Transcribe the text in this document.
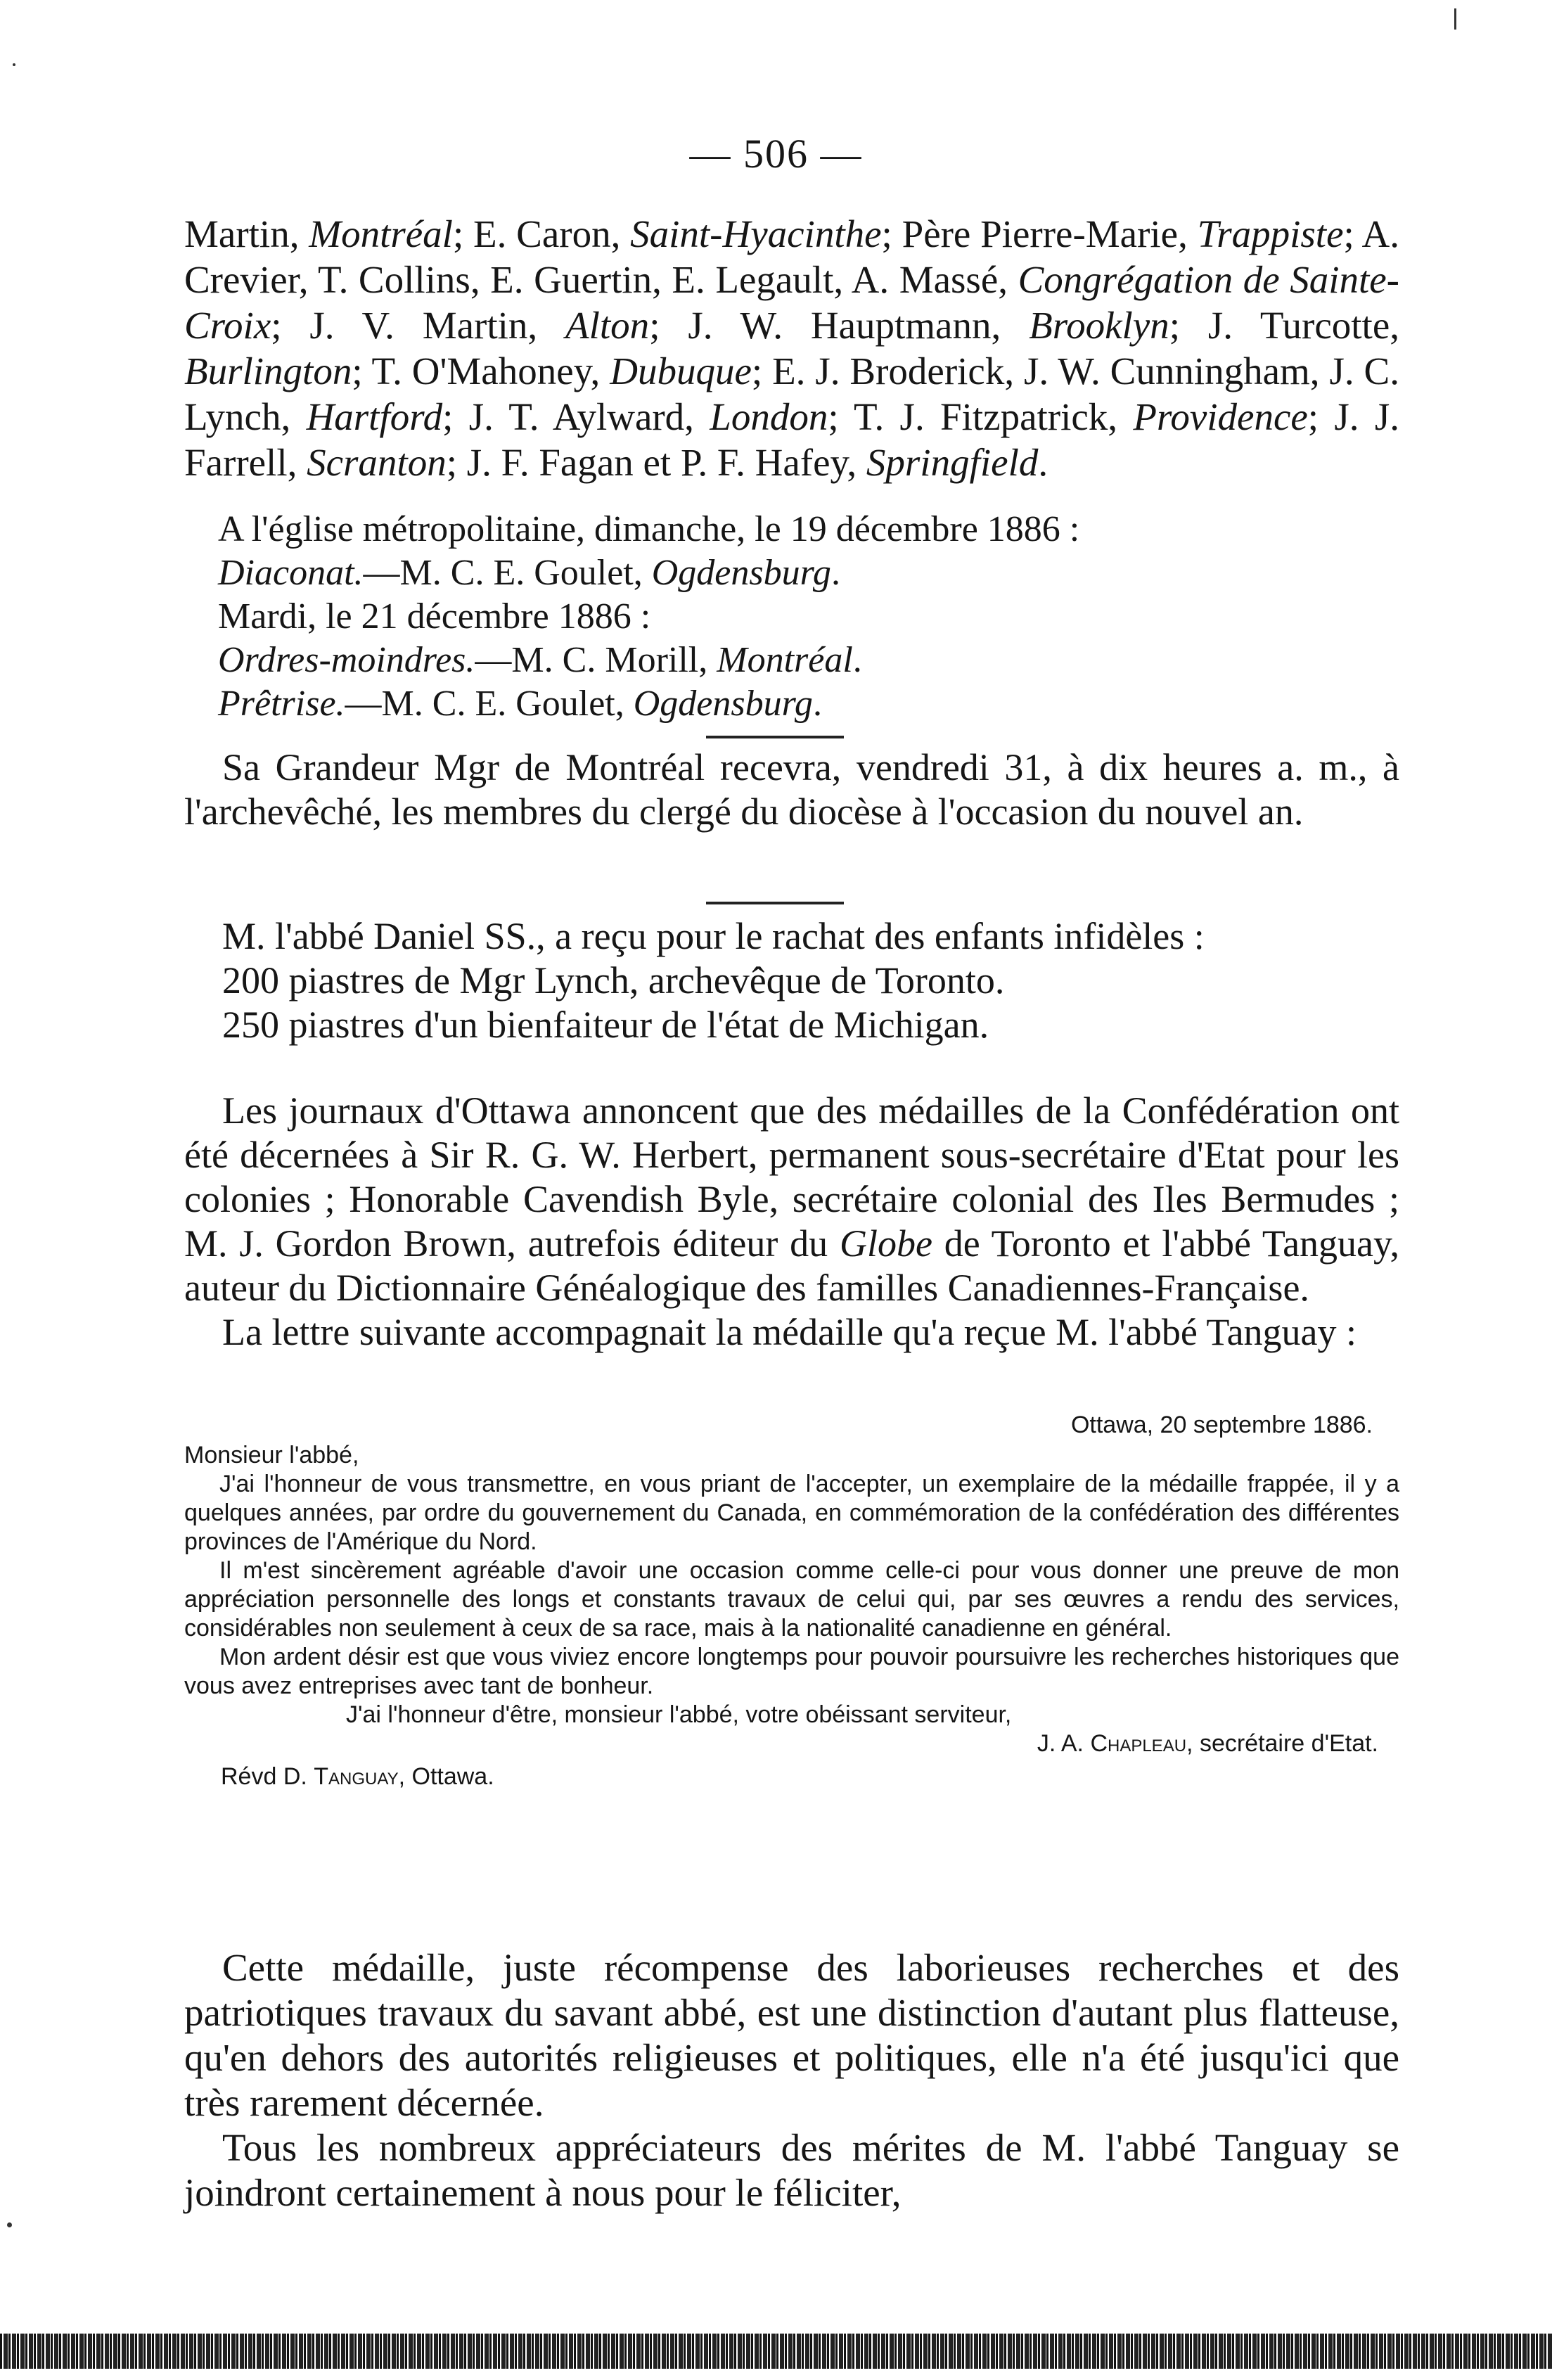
— 506 —

Martin, Montréal; E. Caron, Saint-Hyacinthe; Père Pierre-Marie, Trappiste; A. Crevier, T. Collins, E. Guertin, E. Legault, A. Massé, Congrégation de Sainte-Croix; J. V. Martin, Alton; J. W. Hauptmann, Brooklyn; J. Turcotte, Burlington; T. O'Mahoney, Dubuque; E. J. Broderick, J. W. Cunningham, J. C. Lynch, Hartford; J. T. Aylward, London; T. J. Fitzpatrick, Providence; J. J. Farrell, Scranton; J. F. Fagan et P. F. Hafey, Springfield.

A l'église métropolitaine, dimanche, le 19 décembre 1886 :

Diaconat.—M. C. E. Goulet, Ogdensburg.

Mardi, le 21 décembre 1886 :

Ordres-moindres.—M. C. Morill, Montréal.

Prêtrise.—M. C. E. Goulet, Ogdensburg.

Sa Grandeur Mgr de Montréal recevra, vendredi 31, à dix heures a. m., à l'archevêché, les membres du clergé du diocèse à l'occasion du nouvel an.

M. l'abbé Daniel SS., a reçu pour le rachat des enfants infidèles :

200 piastres de Mgr Lynch, archevêque de Toronto.

250 piastres d'un bienfaiteur de l'état de Michigan.

Les journaux d'Ottawa annoncent que des médailles de la Confédération ont été décernées à Sir R. G. W. Herbert, permanent sous-secrétaire d'Etat pour les colonies ; Honorable Cavendish Byle, secrétaire colonial des Iles Bermudes ; M. J. Gordon Brown, autrefois éditeur du Globe de Toronto et l'abbé Tanguay, auteur du Dictionnaire Généalogique des familles Canadiennes-Française.

La lettre suivante accompagnait la médaille qu'a reçue M. l'abbé Tanguay :

Ottawa, 20 septembre 1886.

Monsieur l'abbé,

J'ai l'honneur de vous transmettre, en vous priant de l'accepter, un exemplaire de la médaille frappée, il y a quelques années, par ordre du gouvernement du Canada, en commémoration de la confédération des différentes provinces de l'Amérique du Nord.

Il m'est sincèrement agréable d'avoir une occasion comme celle-ci pour vous donner une preuve de mon appréciation personnelle des longs et constants travaux de celui qui, par ses œuvres a rendu des services, considérables non seulement à ceux de sa race, mais à la nationalité canadienne en général.

Mon ardent désir est que vous viviez encore longtemps pour pouvoir poursuivre les recherches historiques que vous avez entreprises avec tant de bonheur.

J'ai l'honneur d'être, monsieur l'abbé, votre obéissant serviteur,

J. A. Chapleau, secrétaire d'Etat.

Révd D. Tanguay, Ottawa.

Cette médaille, juste récompense des laborieuses recherches et des patriotiques travaux du savant abbé, est une distinction d'autant plus flatteuse, qu'en dehors des autorités religieuses et politiques, elle n'a été jusqu'ici que très rarement décernée.

Tous les nombreux appréciateurs des mérites de M. l'abbé Tanguay se joindront certainement à nous pour le féliciter,
